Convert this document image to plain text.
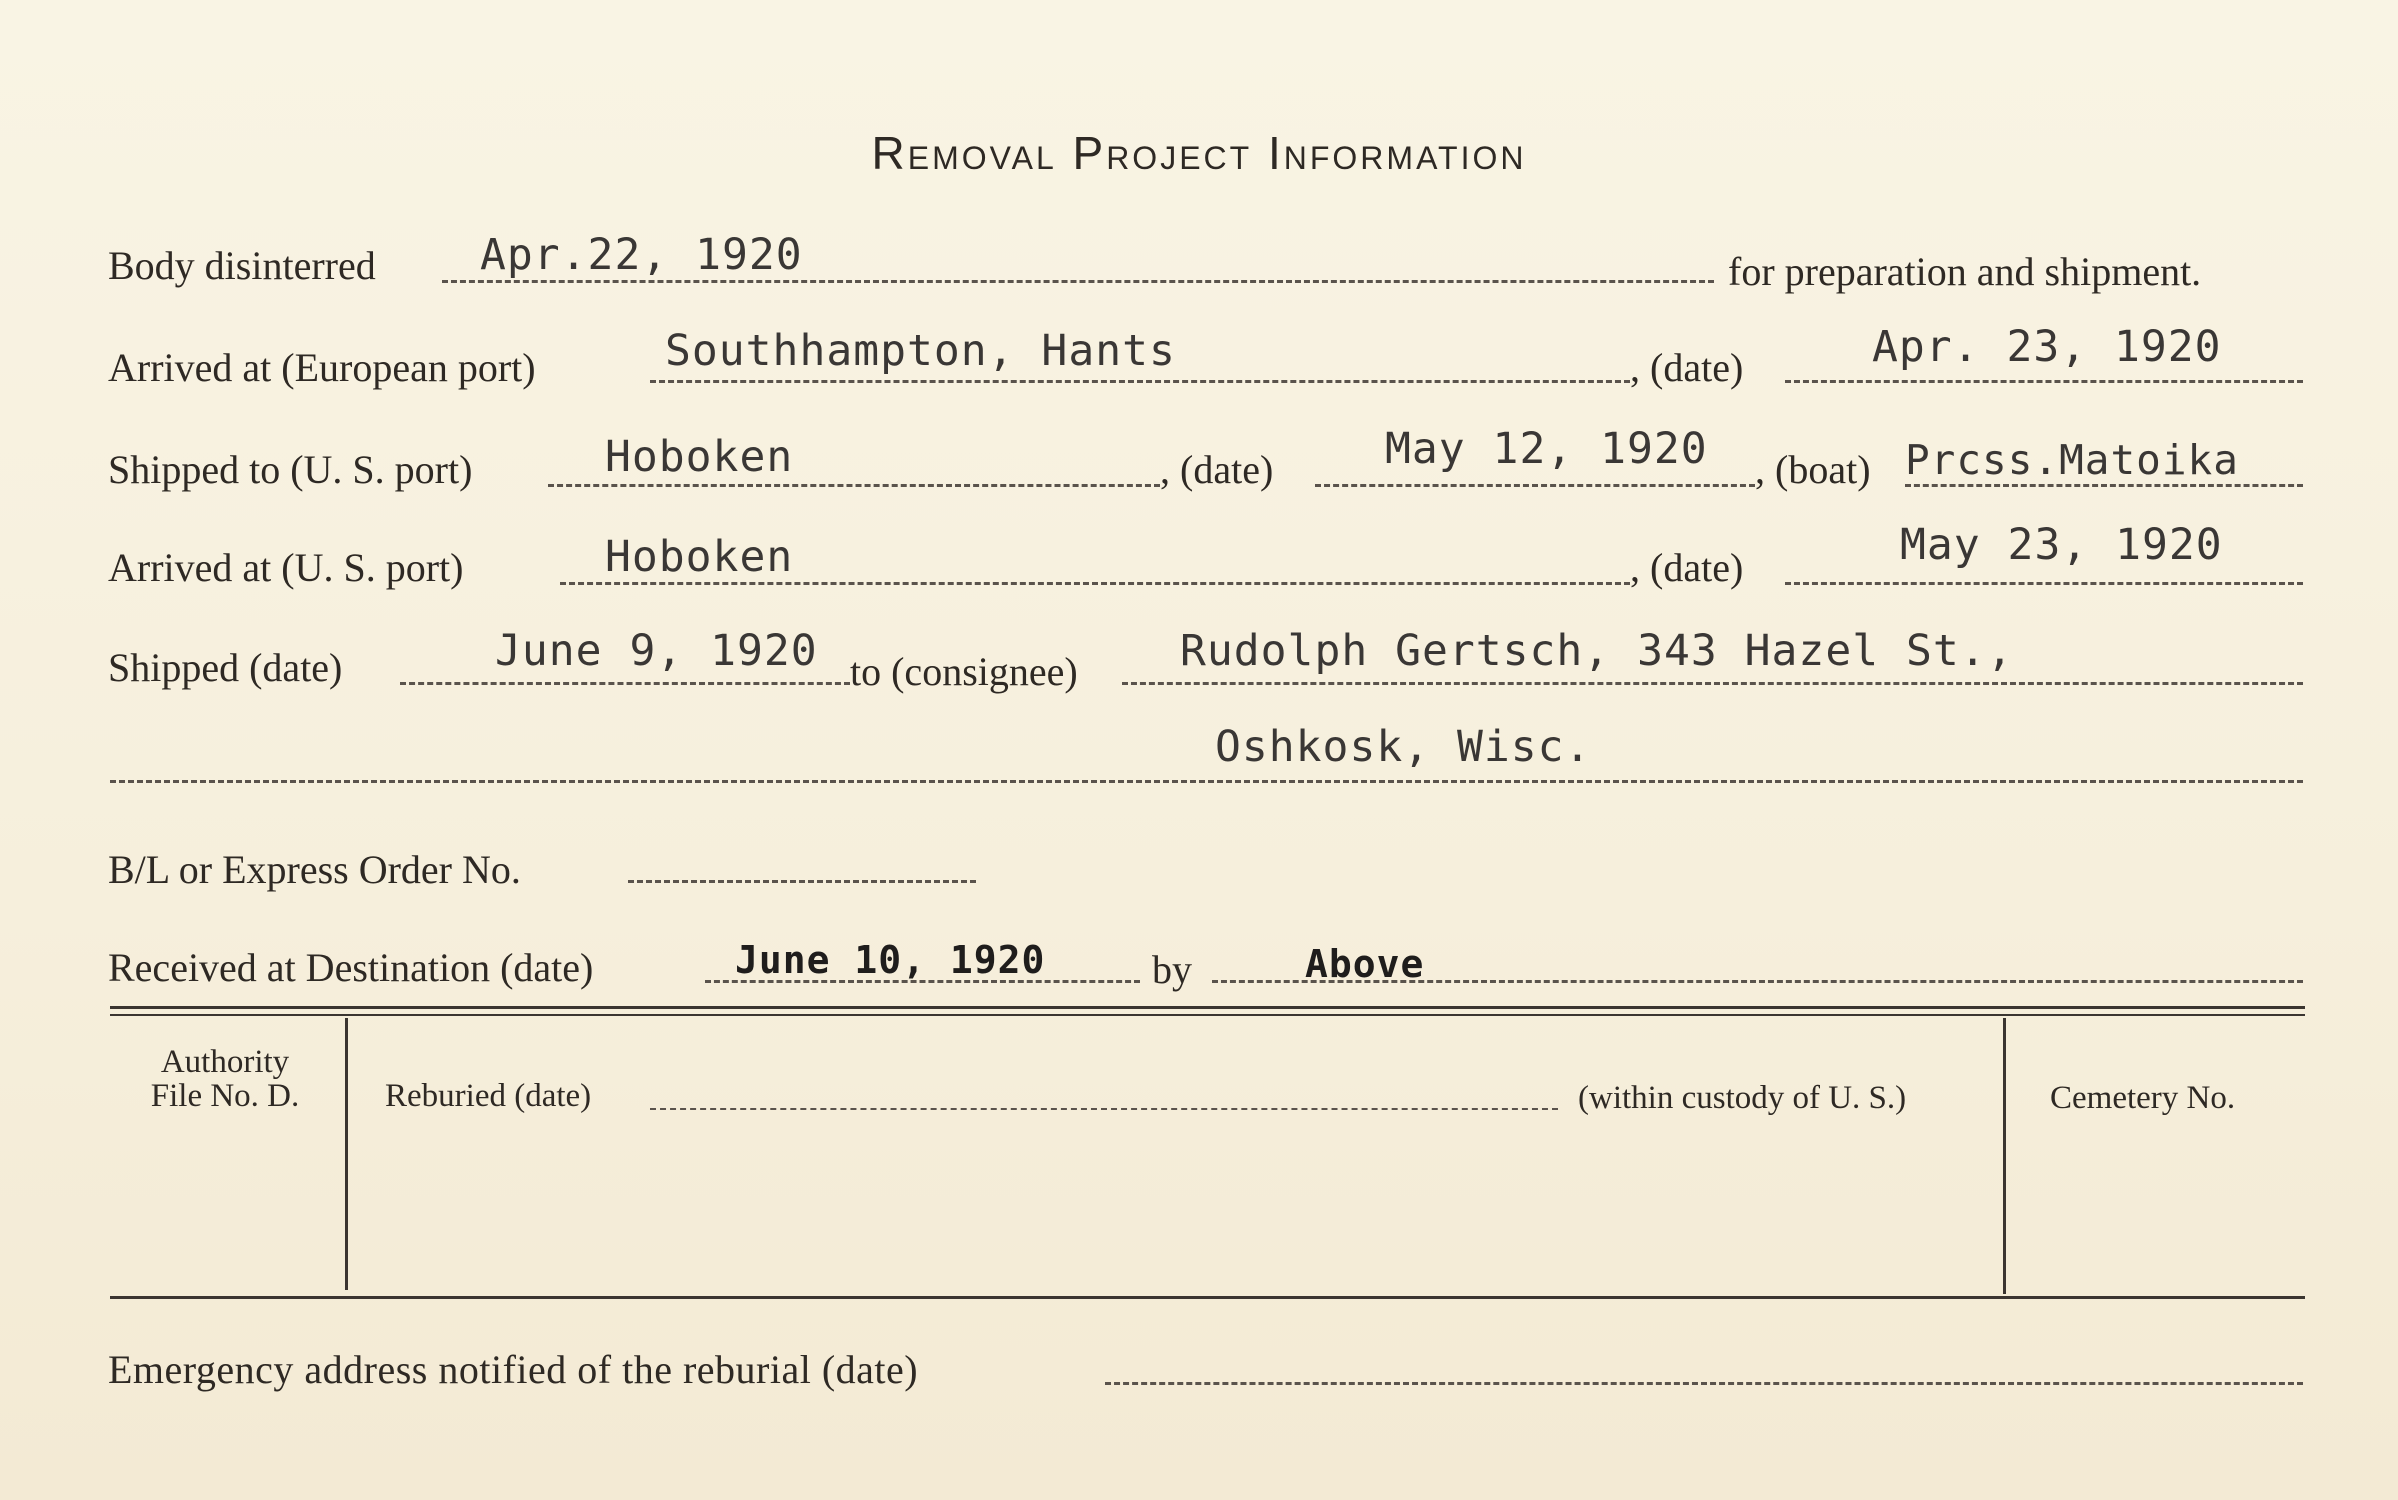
Removal Project Information
Body disinterred Apr.22, 1920	for preparation and shipment.
Arrived at (European port)	Southhampton, Hants	, (date)	Apr. 23, 1920
Shipped to (U. S. port)	Hoboken	, (date)	May 12, 1920 , (boat) Prcss.Matoika
Arrived at (U. S. port)	Hoboken	, (date)	May 23, 1920
Shipped (date)	June 9, 1920 to (consignee) Rudolph Gertsch, 343 Hazel St.,
Oshkosk, Wisc.
B/L or Express Order No.
Received at Destination (date)	June 10, 1920	by	Above
Authority
File No. D.	Reburied (date)	(within custody of U. S.)	Cemetery No.
Emergency address notified of the reburial (date)
